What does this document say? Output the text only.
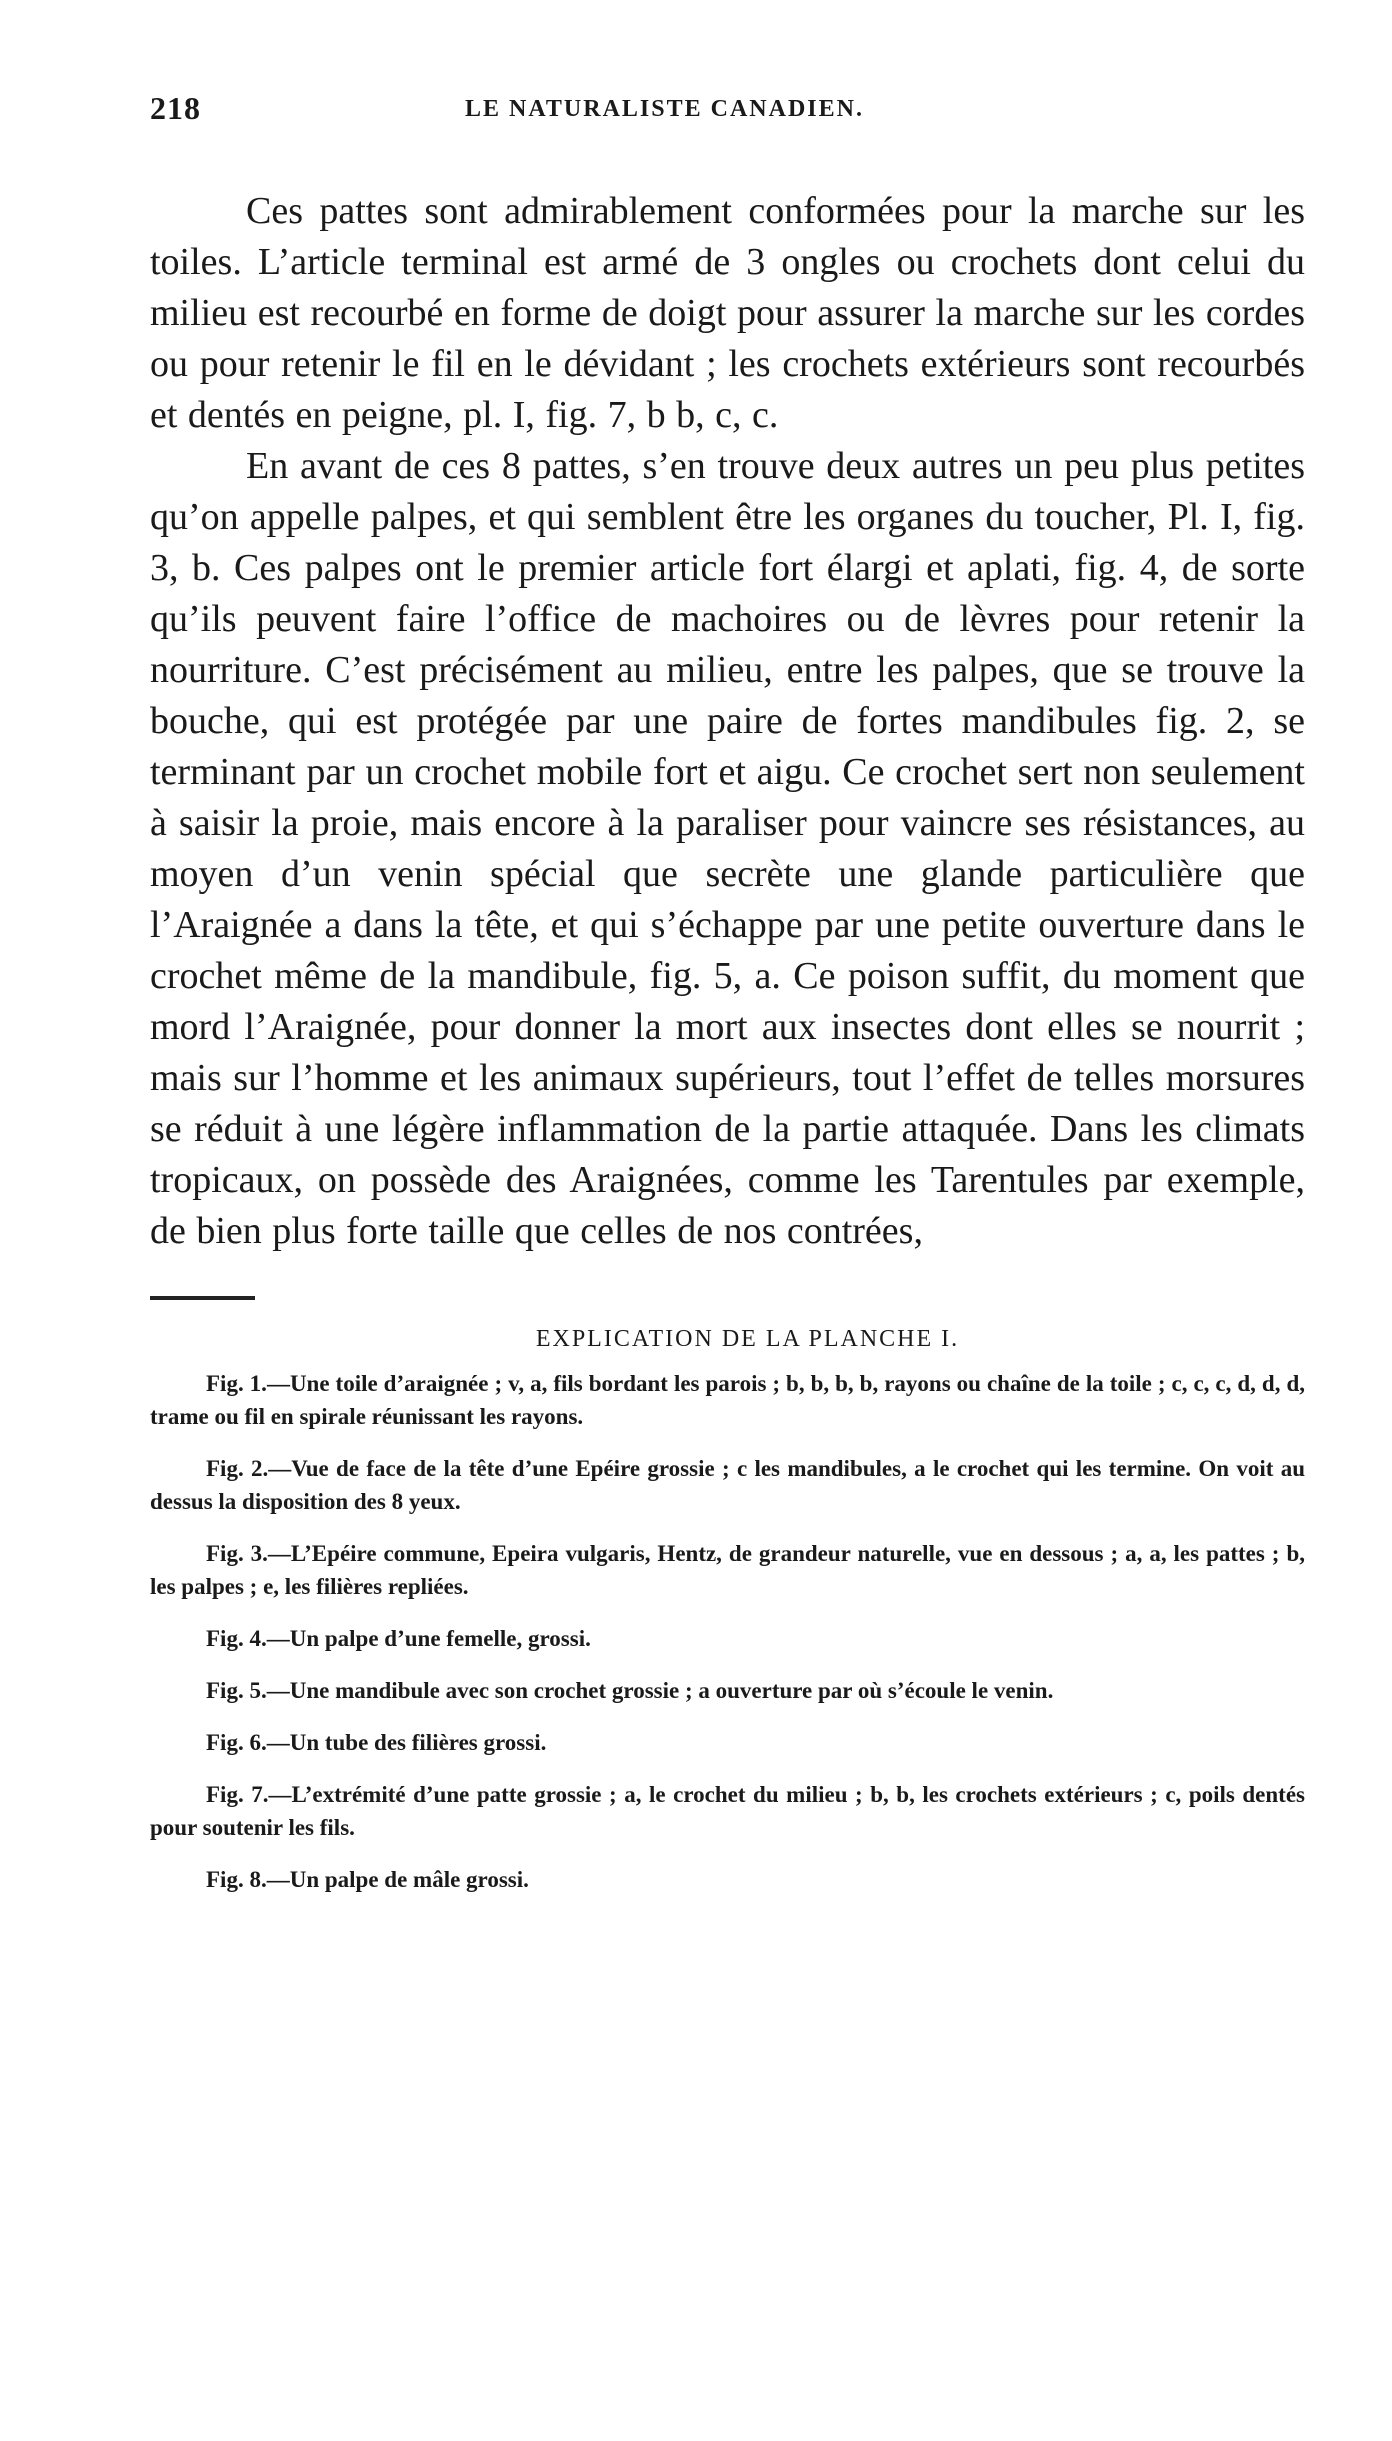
218	LE NATURALISTE CANADIEN.

Ces pattes sont admirablement conformées pour la marche sur les toiles. L’article terminal est armé de 3 ongles ou crochets dont celui du milieu est recourbé en forme de doigt pour assurer la marche sur les cordes ou pour retenir le fil en le dévidant ; les crochets extérieurs sont recourbés et dentés en peigne, pl. I, fig. 7, b b, c, c.

En avant de ces 8 pattes, s’en trouve deux autres un peu plus petites qu’on appelle palpes, et qui semblent être les organes du toucher, Pl. I, fig. 3, b. Ces palpes ont le premier article fort élargi et aplati, fig. 4, de sorte qu’ils peuvent faire l’office de machoires ou de lèvres pour retenir la nourriture. C’est précisément au milieu, entre les palpes, que se trouve la bouche, qui est protégée par une paire de fortes mandibules fig. 2, se terminant par un crochet mobile fort et aigu. Ce crochet sert non seulement à saisir la proie, mais encore à la paraliser pour vaincre ses résistances, au moyen d’un venin spécial que secrète une glande particulière que l’Araignée a dans la tête, et qui s’échappe par une petite ouverture dans le crochet même de la mandibule, fig. 5, a. Ce poison suffit, du moment que mord l’Araignée, pour donner la mort aux insectes dont elles se nourrit ; mais sur l’homme et les animaux supérieurs, tout l’effet de telles morsures se réduit à une légère inflammation de la partie attaquée. Dans les climats tropicaux, on possède des Araignées, comme les Tarentules par exemple, de bien plus forte taille que celles de nos contrées,

EXPLICATION DE LA PLANCHE I.

Fig. 1.—Une toile d’araignée ; v, a, fils bordant les parois ; b, b, b, b, rayons ou chaîne de la toile ; c, c, c, d, d, d, trame ou fil en spirale réunissant les rayons.

Fig. 2.—Vue de face de la tête d’une Epéire grossie ; c les mandibules, a le crochet qui les termine. On voit au dessus la disposition des 8 yeux.

Fig. 3.—L’Epéire commune, Epeira vulgaris, Hentz, de grandeur naturelle, vue en dessous ; a, a, les pattes ; b, les palpes ; e, les filières repliées.

Fig. 4.—Un palpe d’une femelle, grossi.

Fig. 5.—Une mandibule avec son crochet grossie ; a ouverture par où s’écoule le venin.

Fig. 6.—Un tube des filières grossi.

Fig. 7.—L’extrémité d’une patte grossie ; a, le crochet du milieu ; b, b, les crochets extérieurs ; c, poils dentés pour soutenir les fils.

Fig. 8.—Un palpe de mâle grossi.
